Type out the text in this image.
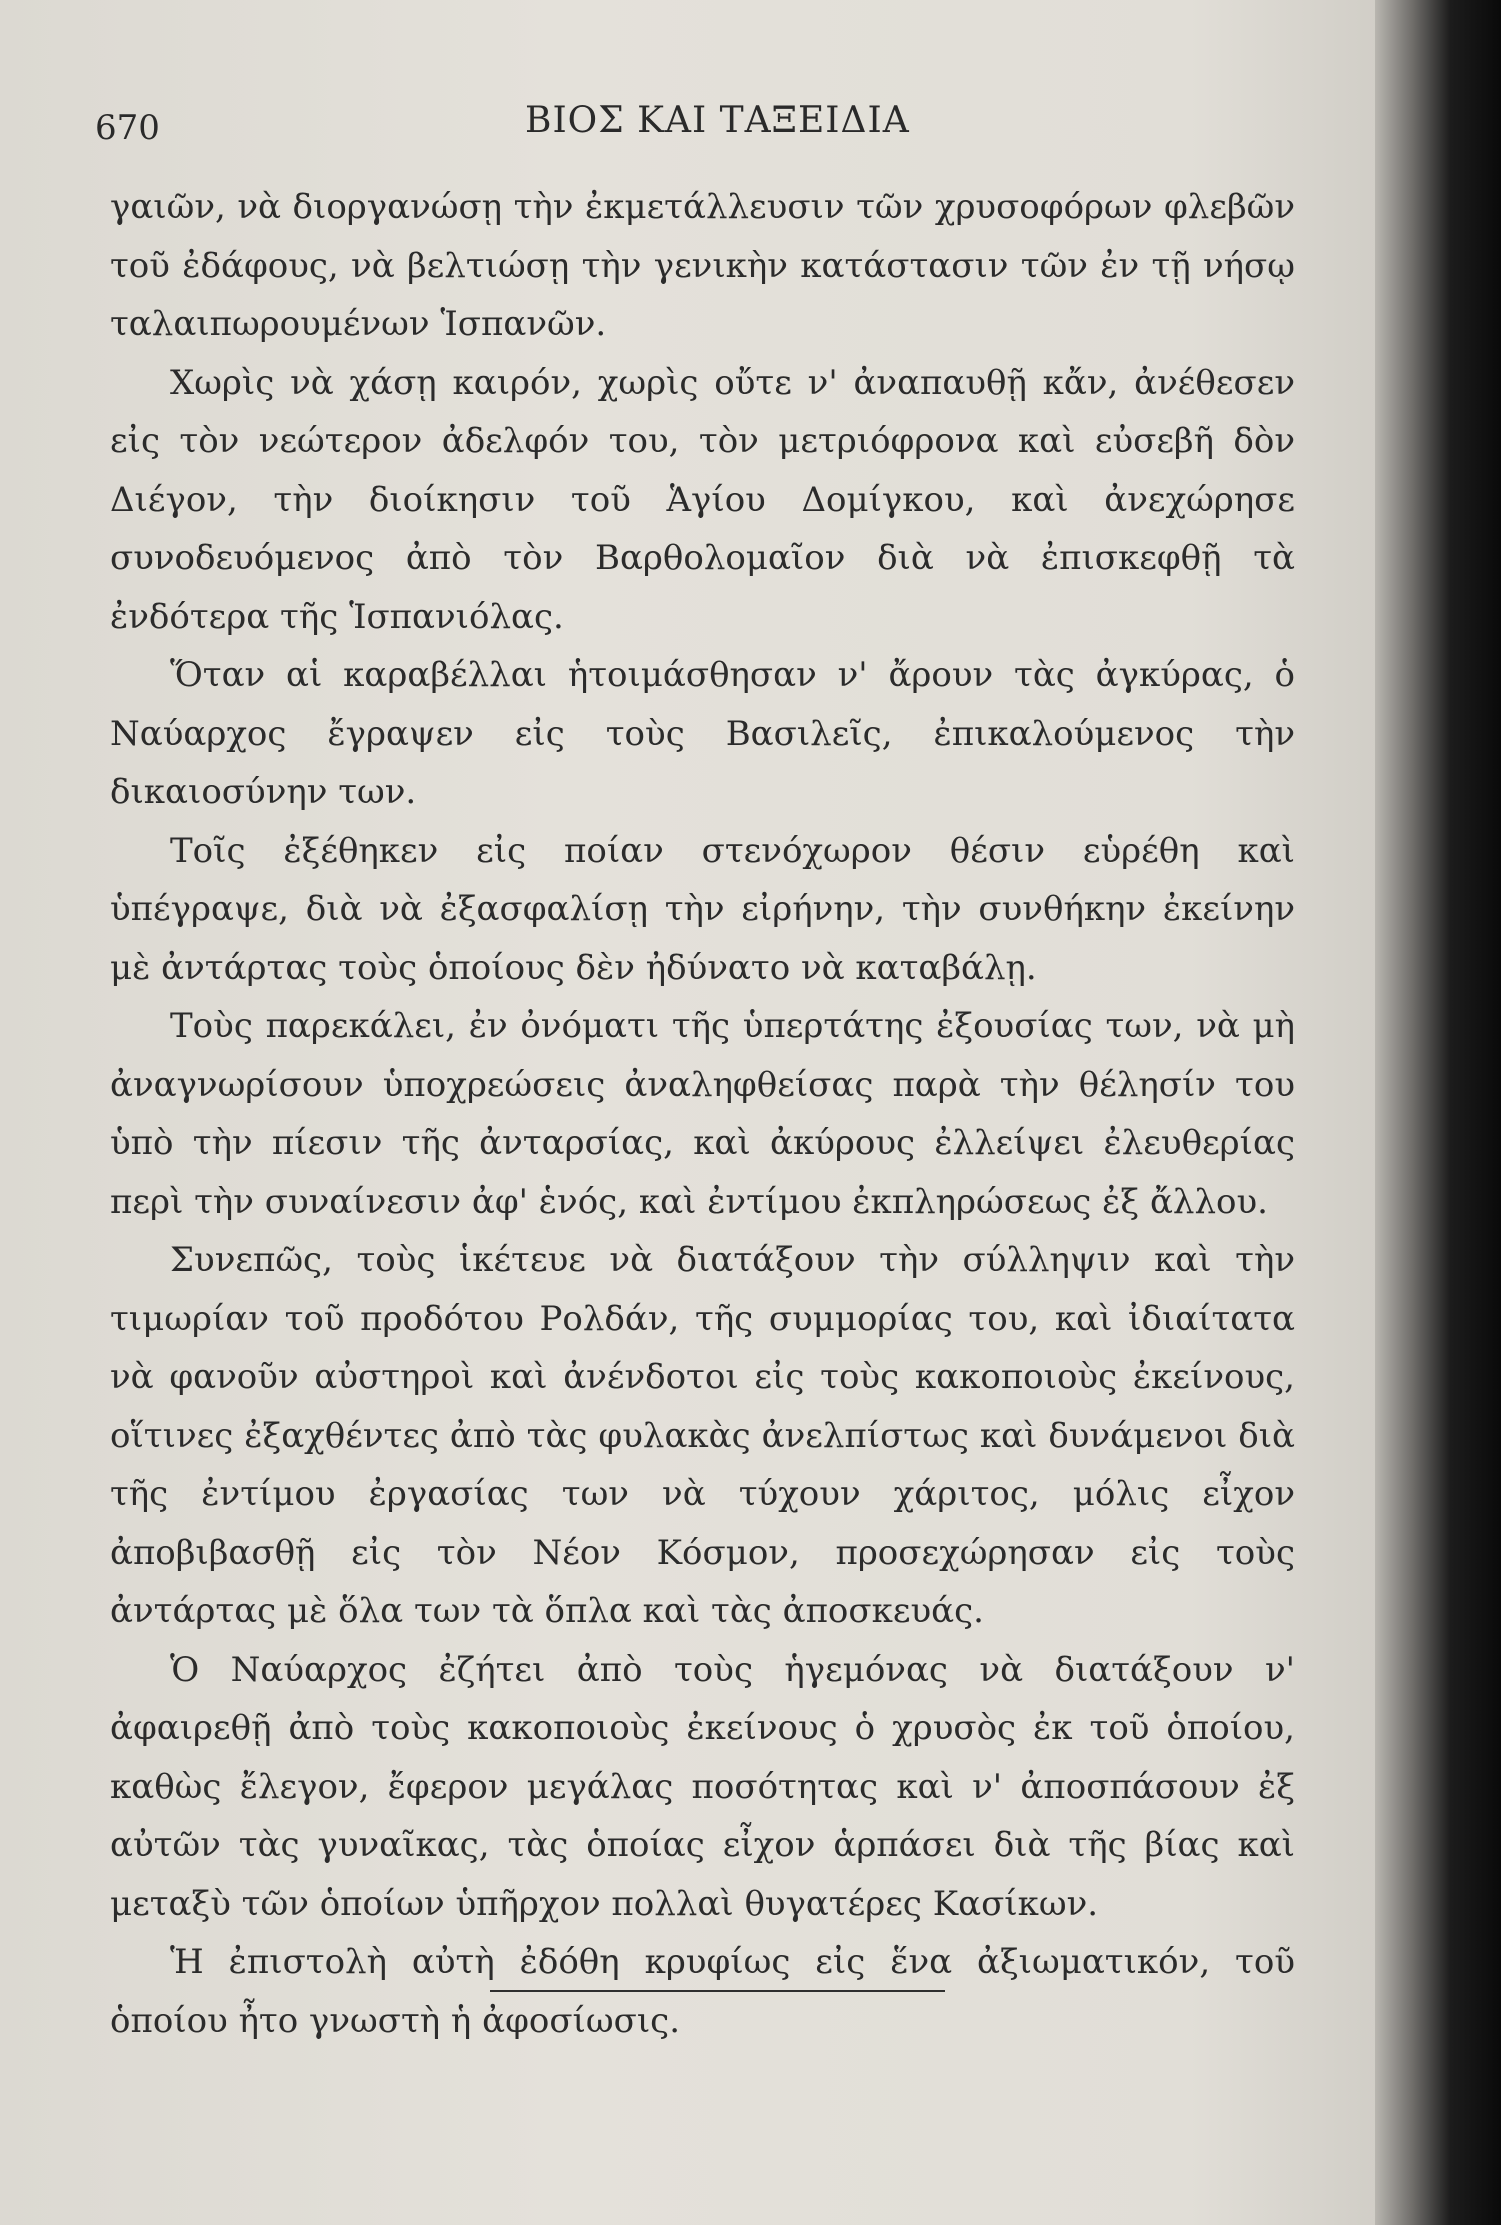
670	ΒΙΟΣ ΚΑΙ ΤΑΞΕΙΔΙΑ

γαιῶν, νὰ διοργανώσῃ τὴν ἐκμετάλλευσιν τῶν χρυσοφόρων φλεβῶν τοῦ ἐδάφους, νὰ βελτιώσῃ τὴν γενικὴν κατάστασιν τῶν ἐν τῇ νήσῳ ταλαιπωρουμένων Ἱσπανῶν.

Χωρὶς νὰ χάσῃ καιρόν, χωρὶς οὔτε ν' ἀναπαυθῇ κἄν, ἀνέθεσεν εἰς τὸν νεώτερον ἀδελφόν του, τὸν μετριόφρονα καὶ εὐσεβῆ δὸν Διέγον, τὴν διοίκησιν τοῦ Ἁγίου Δομίγκου, καὶ ἀνεχώρησε συνοδευόμενος ἀπὸ τὸν Βαρθολομαῖον διὰ νὰ ἐπισκεφθῇ τὰ ἐνδότερα τῆς Ἱσπανιόλας.

Ὅταν αἱ καραβέλλαι ἡτοιμάσθησαν ν' ἄρουν τὰς ἀγκύρας, ὁ Ναύαρχος ἔγραψεν εἰς τοὺς Βασιλεῖς, ἐπικαλούμενος τὴν δικαιοσύνην των.

Τοῖς ἐξέθηκεν εἰς ποίαν στενόχωρον θέσιν εὑρέθη καὶ ὑπέγραψε, διὰ νὰ ἐξασφαλίσῃ τὴν εἰρήνην, τὴν συνθήκην ἐκείνην μὲ ἀντάρτας τοὺς ὁποίους δὲν ἠδύνατο νὰ καταβάλῃ.

Τοὺς παρεκάλει, ἐν ὀνόματι τῆς ὑπερτάτης ἐξουσίας των, νὰ μὴ ἀναγνωρίσουν ὑποχρεώσεις ἀναληφθείσας παρὰ τὴν θέλησίν του ὑπὸ τὴν πίεσιν τῆς ἀνταρσίας, καὶ ἀκύρους ἐλλείψει ἐλευθερίας περὶ τὴν συναίνεσιν ἀφ' ἑνός, καὶ ἐντίμου ἐκπληρώσεως ἐξ ἄλλου.

Συνεπῶς, τοὺς ἱκέτευε νὰ διατάξουν τὴν σύλληψιν καὶ τὴν τιμωρίαν τοῦ προδότου Ρολδάν, τῆς συμμορίας του, καὶ ἰδιαίτατα νὰ φανοῦν αὐστηροὶ καὶ ἀνένδοτοι εἰς τοὺς κακοποιοὺς ἐκείνους, οἵτινες ἐξαχθέντες ἀπὸ τὰς φυλακὰς ἀνελπίστως καὶ δυνάμενοι διὰ τῆς ἐντίμου ἐργασίας των νὰ τύχουν χάριτος, μόλις εἶχον ἀποβιβασθῇ εἰς τὸν Νέον Κόσμον, προσεχώρησαν εἰς τοὺς ἀντάρτας μὲ ὅλα των τὰ ὅπλα καὶ τὰς ἀποσκευάς.

Ὁ Ναύαρχος ἐζήτει ἀπὸ τοὺς ἡγεμόνας νὰ διατάξουν ν' ἀφαιρεθῇ ἀπὸ τοὺς κακοποιοὺς ἐκείνους ὁ χρυσὸς ἐκ τοῦ ὁποίου, καθὼς ἔλεγον, ἔφερον μεγάλας ποσότητας καὶ ν' ἀποσπάσουν ἐξ αὐτῶν τὰς γυναῖκας, τὰς ὁποίας εἶχον ἁρπάσει διὰ τῆς βίας καὶ μεταξὺ τῶν ὁποίων ὑπῆρχον πολλαὶ θυγατέρες Κασίκων.

Ἡ ἐπιστολὴ αὐτὴ ἐδόθη κρυφίως εἰς ἕνα ἀξιωματικόν, τοῦ ὁποίου ἦτο γνωστὴ ἡ ἀφοσίωσις.
